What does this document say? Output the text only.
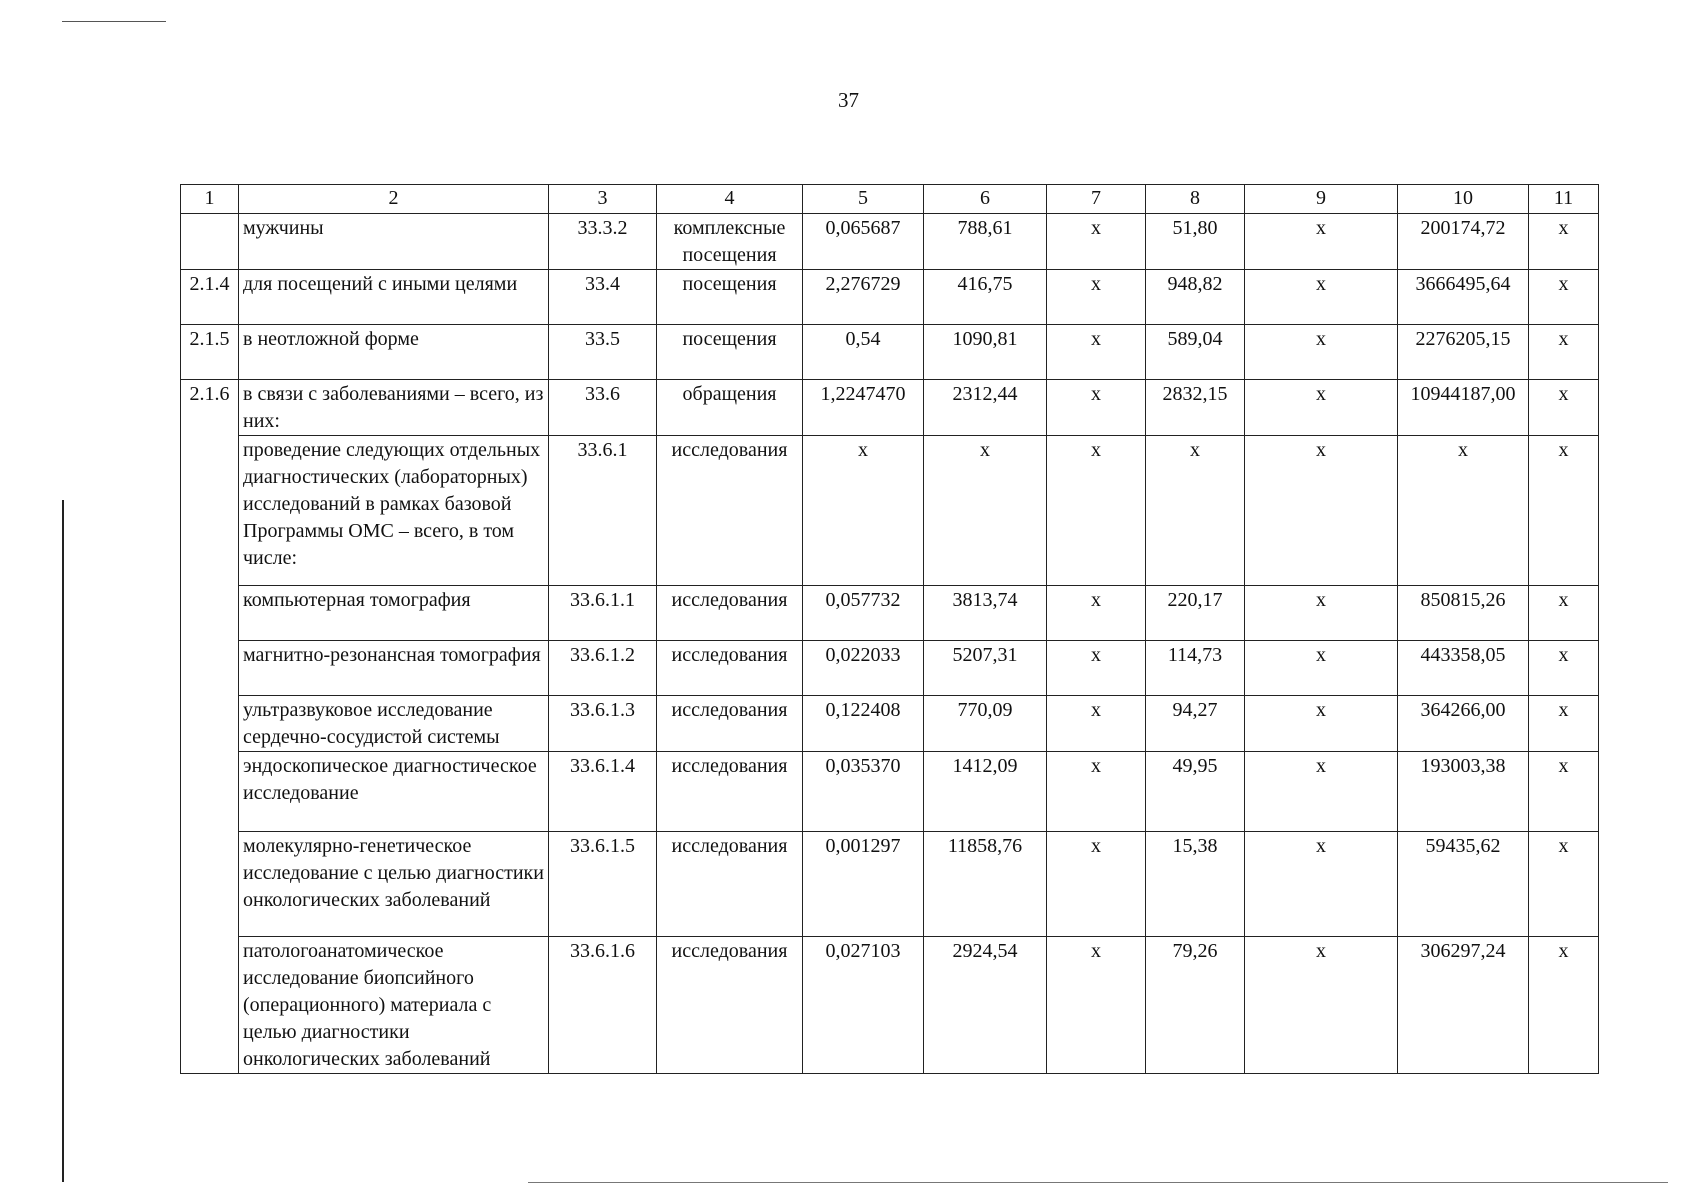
37
1	2	3	4	5	6	7	8	9	10	11
	мужчины	33.3.2	комплексные посещения	0,065687	788,61	х	51,80	х	200174,72	х
2.1.4	для посещений с иными целями	33.4	посещения	2,276729	416,75	х	948,82	х	3666495,64	х
2.1.5	в неотложной форме	33.5	посещения	0,54	1090,81	х	589,04	х	2276205,15	х
2.1.6	в связи с заболеваниями – всего, из них:	33.6	обращения	1,2247470	2312,44	х	2832,15	х	10944187,00	х
	проведение следующих отдельных диагностических (лабораторных) исследований в рамках базовой Программы ОМС – всего, в том числе:	33.6.1	исследования	х	х	х	х	х	х	х
	компьютерная томография	33.6.1.1	исследования	0,057732	3813,74	х	220,17	х	850815,26	х
	магнитно-резонансная томография	33.6.1.2	исследования	0,022033	5207,31	х	114,73	х	443358,05	х
	ультразвуковое исследование сердечно-сосудистой системы	33.6.1.3	исследования	0,122408	770,09	х	94,27	х	364266,00	х
	эндоскопическое диагностическое исследование	33.6.1.4	исследования	0,035370	1412,09	х	49,95	х	193003,38	х
	молекулярно-генетическое исследование с целью диагностики онкологических заболеваний	33.6.1.5	исследования	0,001297	11858,76	х	15,38	х	59435,62	х
	патологоанатомическое исследование биопсийного (операционного) материала с целью диагностики онкологических заболеваний	33.6.1.6	исследования	0,027103	2924,54	х	79,26	х	306297,24	х
